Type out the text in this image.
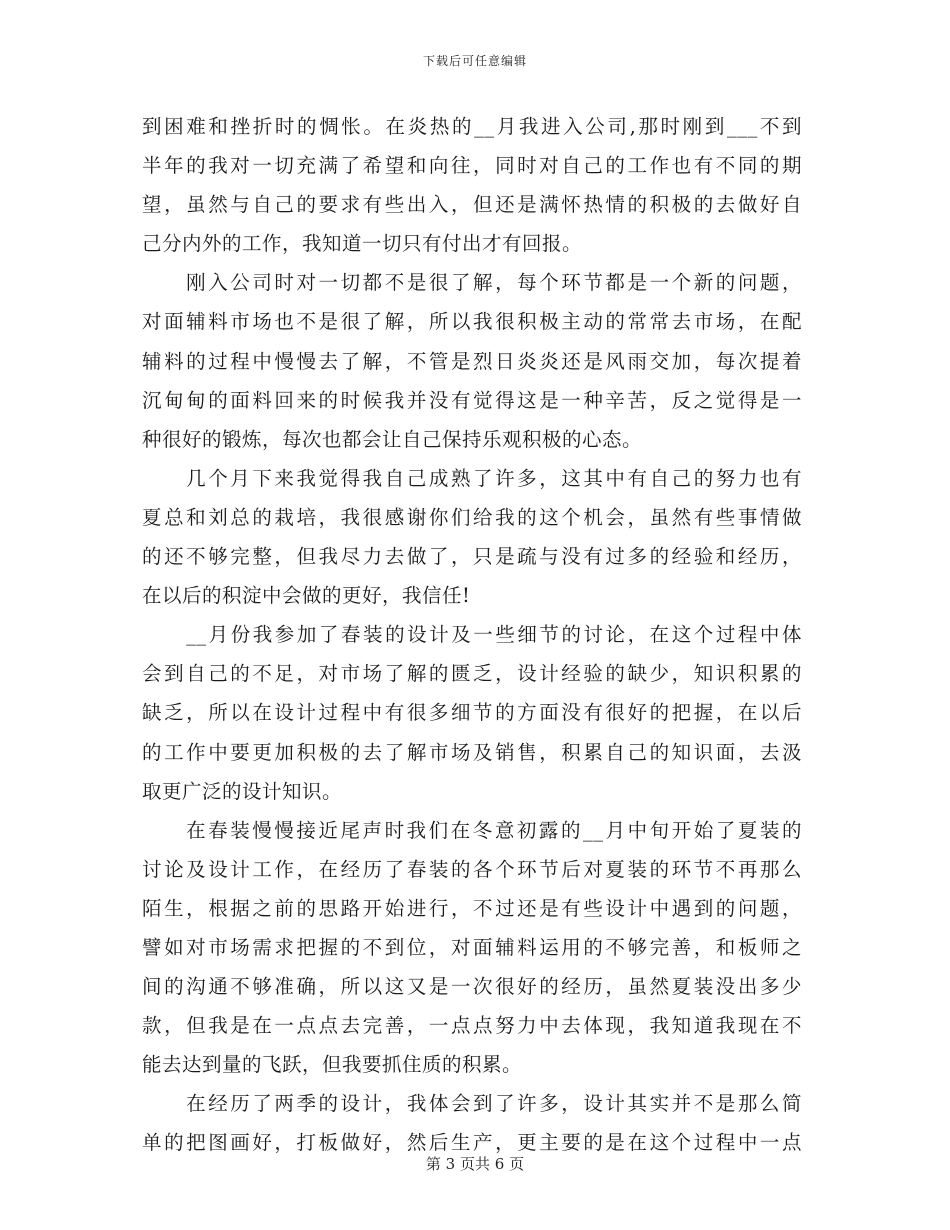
下载后可任意编辑
到困难和挫折时的惆怅。在炎热的__月我进入公司,那时刚到___不到
半年的我对一切充满了希望和向往，同时对自己的工作也有不同的期
望，虽然与自己的要求有些出入，但还是满怀热情的积极的去做好自
己分内外的工作，我知道一切只有付出才有回报。
　　刚入公司时对一切都不是很了解，每个环节都是一个新的问题，
对面辅料市场也不是很了解，所以我很积极主动的常常去市场，在配
辅料的过程中慢慢去了解，不管是烈日炎炎还是风雨交加，每次提着
沉甸甸的面料回来的时候我并没有觉得这是一种辛苦，反之觉得是一
种很好的锻炼，每次也都会让自己保持乐观积极的心态。
　　几个月下来我觉得我自己成熟了许多，这其中有自己的努力也有
夏总和刘总的栽培，我很感谢你们给我的这个机会，虽然有些事情做
的还不够完整，但我尽力去做了，只是疏与没有过多的经验和经历，
在以后的积淀中会做的更好，我信任!
　　__月份我参加了春装的设计及一些细节的讨论，在这个过程中体
会到自己的不足，对市场了解的匮乏，设计经验的缺少，知识积累的
缺乏，所以在设计过程中有很多细节的方面没有很好的把握，在以后
的工作中要更加积极的去了解市场及销售，积累自己的知识面，去汲
取更广泛的设计知识。
　　在春装慢慢接近尾声时我们在冬意初露的__月中旬开始了夏装的
讨论及设计工作，在经历了春装的各个环节后对夏装的环节不再那么
陌生，根据之前的思路开始进行，不过还是有些设计中遇到的问题，
譬如对市场需求把握的不到位，对面辅料运用的不够完善，和板师之
间的沟通不够准确，所以这又是一次很好的经历，虽然夏装没出多少
款，但我是在一点点去完善，一点点努力中去体现，我知道我现在不
能去达到量的飞跃，但我要抓住质的积累。
　　在经历了两季的设计，我体会到了许多，设计其实并不是那么简
单的把图画好，打板做好，然后生产，更主要的是在这个过程中一点
第 3 页共 6 页
